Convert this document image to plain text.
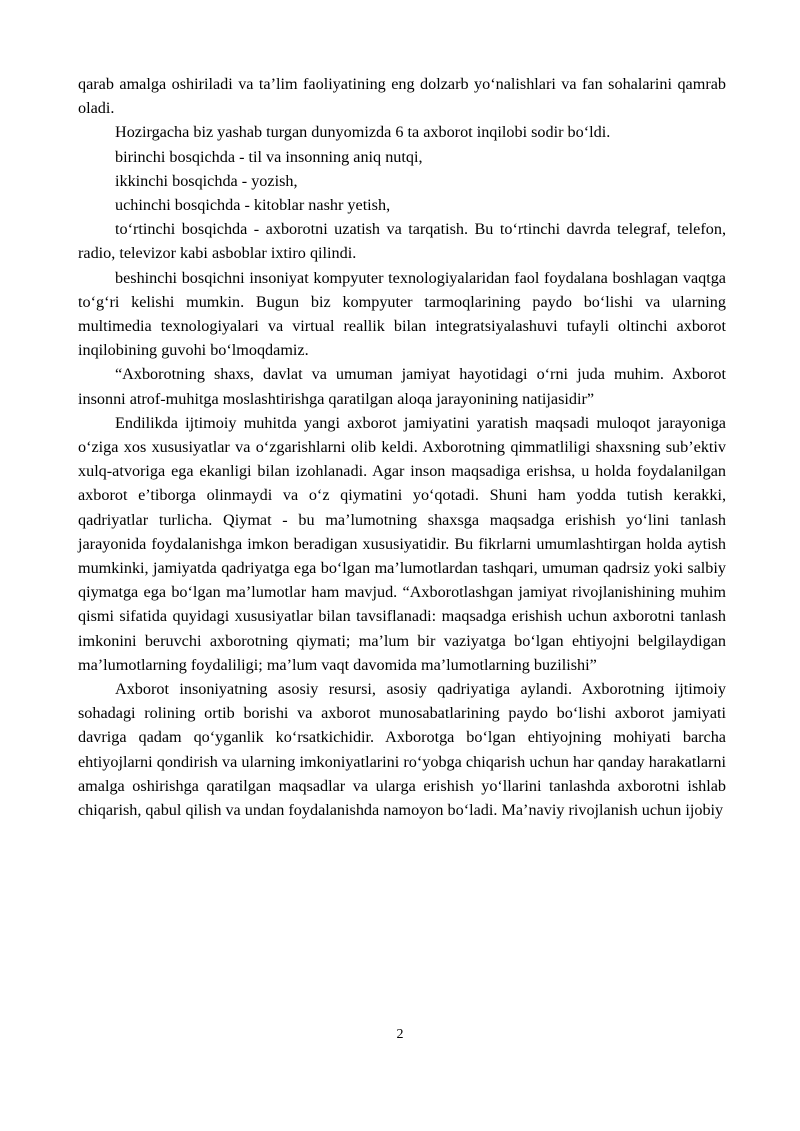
qarab amalga oshiriladi va ta’lim faoliyatining eng dolzarb yo‘nalishlari va fan sohalarini qamrab oladi.

Hozirgacha biz yashab turgan dunyomizda 6 ta axborot inqilobi sodir bo‘ldi.

birinchi bosqichda - til va insonning aniq nutqi,

ikkinchi bosqichda - yozish,

uchinchi bosqichda - kitoblar nashr yetish,

to‘rtinchi bosqichda - axborotni uzatish va tarqatish. Bu to‘rtinchi davrda telegraf, telefon, radio, televizor kabi asboblar ixtiro qilindi.

beshinchi bosqichni insoniyat kompyuter texnologiyalaridan faol foydalana boshlagan vaqtga to‘g‘ri kelishi mumkin. Bugun biz kompyuter tarmoqlarining paydo bo‘lishi va ularning multimedia texnologiyalari va virtual reallik bilan integratsiyalashuvi tufayli oltinchi axborot inqilobining guvohi bo‘lmoqdamiz.

“Axborotning shaxs, davlat va umuman jamiyat hayotidagi o‘rni juda muhim. Axborot insonni atrof-muhitga moslashtirishga qaratilgan aloqa jarayonining natijasidir”

Endilikda ijtimoiy muhitda yangi axborot jamiyatini yaratish maqsadi muloqot jarayoniga o‘ziga xos xususiyatlar va o‘zgarishlarni olib keldi. Axborotning qimmatliligi shaxsning sub’ektiv xulq-atvoriga ega ekanligi bilan izohlanadi. Agar inson maqsadiga erishsa, u holda foydalanilgan axborot e’tiborga olinmaydi va o‘z qiymatini yo‘qotadi. Shuni ham yodda tutish kerakki, qadriyatlar turlicha. Qiymat - bu ma’lumotning shaxsga maqsadga erishish yo‘lini tanlash jarayonida foydalanishga imkon beradigan xususiyatidir. Bu fikrlarni umumlashtirgan holda aytish mumkinki, jamiyatda qadriyatga ega bo‘lgan ma’lumotlardan tashqari, umuman qadrsiz yoki salbiy qiymatga ega bo‘lgan ma’lumotlar ham mavjud. “Axborotlashgan jamiyat rivojlanishining muhim qismi sifatida quyidagi xususiyatlar bilan tavsiflanadi: maqsadga erishish uchun axborotni tanlash imkonini beruvchi axborotning qiymati; ma’lum bir vaziyatga bo‘lgan ehtiyojni belgilaydigan ma’lumotlarning foydaliligi; ma’lum vaqt davomida ma’lumotlarning buzilishi”

Axborot insoniyatning asosiy resursi, asosiy qadriyatiga aylandi. Axborotning ijtimoiy sohadagi rolining ortib borishi va axborot munosabatlarining paydo bo‘lishi axborot jamiyati davriga qadam qo‘yganlik ko‘rsatkichidir. Axborotga bo‘lgan ehtiyojning mohiyati barcha ehtiyojlarni qondirish va ularning imkoniyatlarini ro‘yobga chiqarish uchun har qanday harakatlarni amalga oshirishga qaratilgan maqsadlar va ularga erishish yo‘llarini tanlashda axborotni ishlab chiqarish, qabul qilish va undan foydalanishda namoyon bo‘ladi. Ma’naviy rivojlanish uchun ijobiy

2
